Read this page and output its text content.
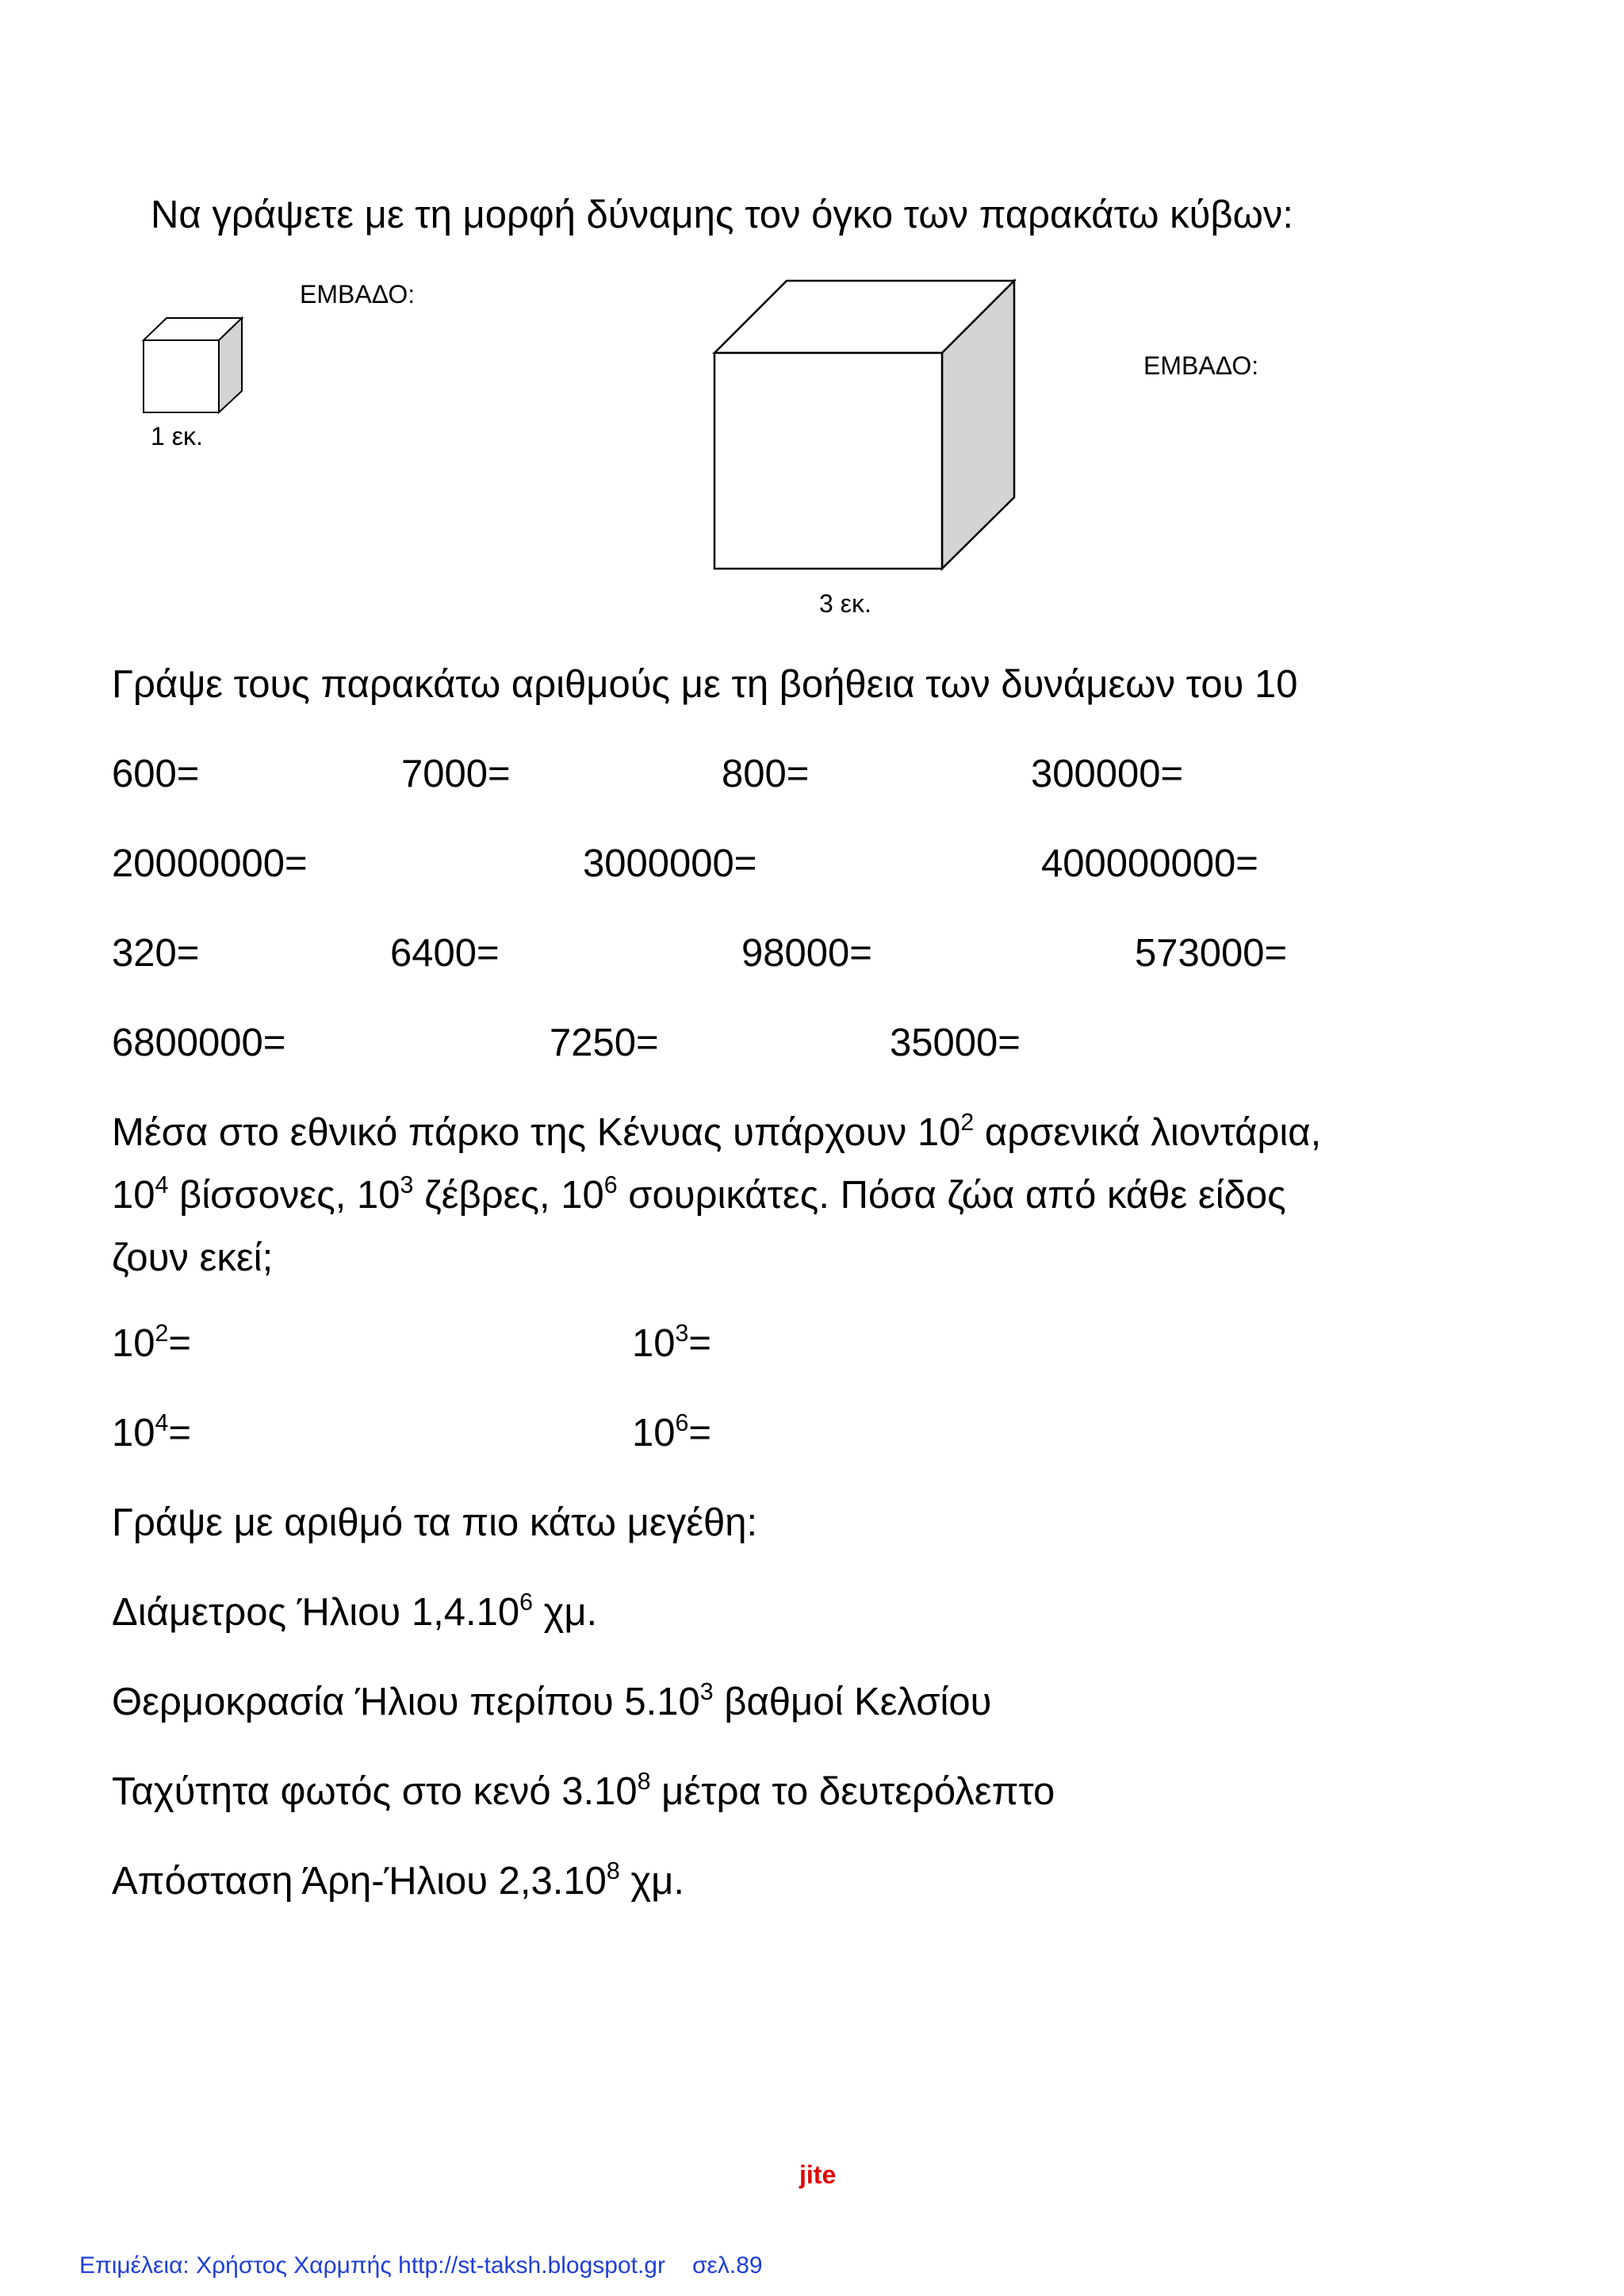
Να γράψετε με τη μορφή δύναμης τον όγκο των παρακάτω κύβων:
ΕΜΒΑΔΟ:
1 εκ.
ΕΜΒΑΔΟ:
3 εκ.
Γράψε τους παρακάτω αριθμούς με τη βοήθεια των δυνάμεων του 10
600=	7000=	800=	300000=
20000000=	3000000=	400000000=
320=	6400=	98000=	573000=
6800000=	7250=	35000=
Μέσα στο εθνικό πάρκο της Κένυας υπάρχουν $10^2$ αρσενικά λιοντάρια,
$10^4$ βίσσονες, $10^3$ ζέβρες, $10^6$ σουρικάτες. Πόσα ζώα από κάθε είδος
ζουν εκεί;
$10^2=$	$10^3=$
$10^4=$	$10^6=$
Γράψε με αριθμό τα πιο κάτω μεγέθη:
Διάμετρος Ήλιου 1,4.10$^6$ χμ.
Θερμοκρασία Ήλιου περίπου 5.10$^3$ βαθμοί Κελσίου
Ταχύτητα φωτός στο κενό 3.10$^8$ μέτρα το δευτερόλεπτο
Απόσταση Άρη-Ήλιου 2,3.10$^8$ χμ.
jite
Επιμέλεια: Χρήστος Χαρμπής http://st-taksh.blogspot.gr σελ.89
